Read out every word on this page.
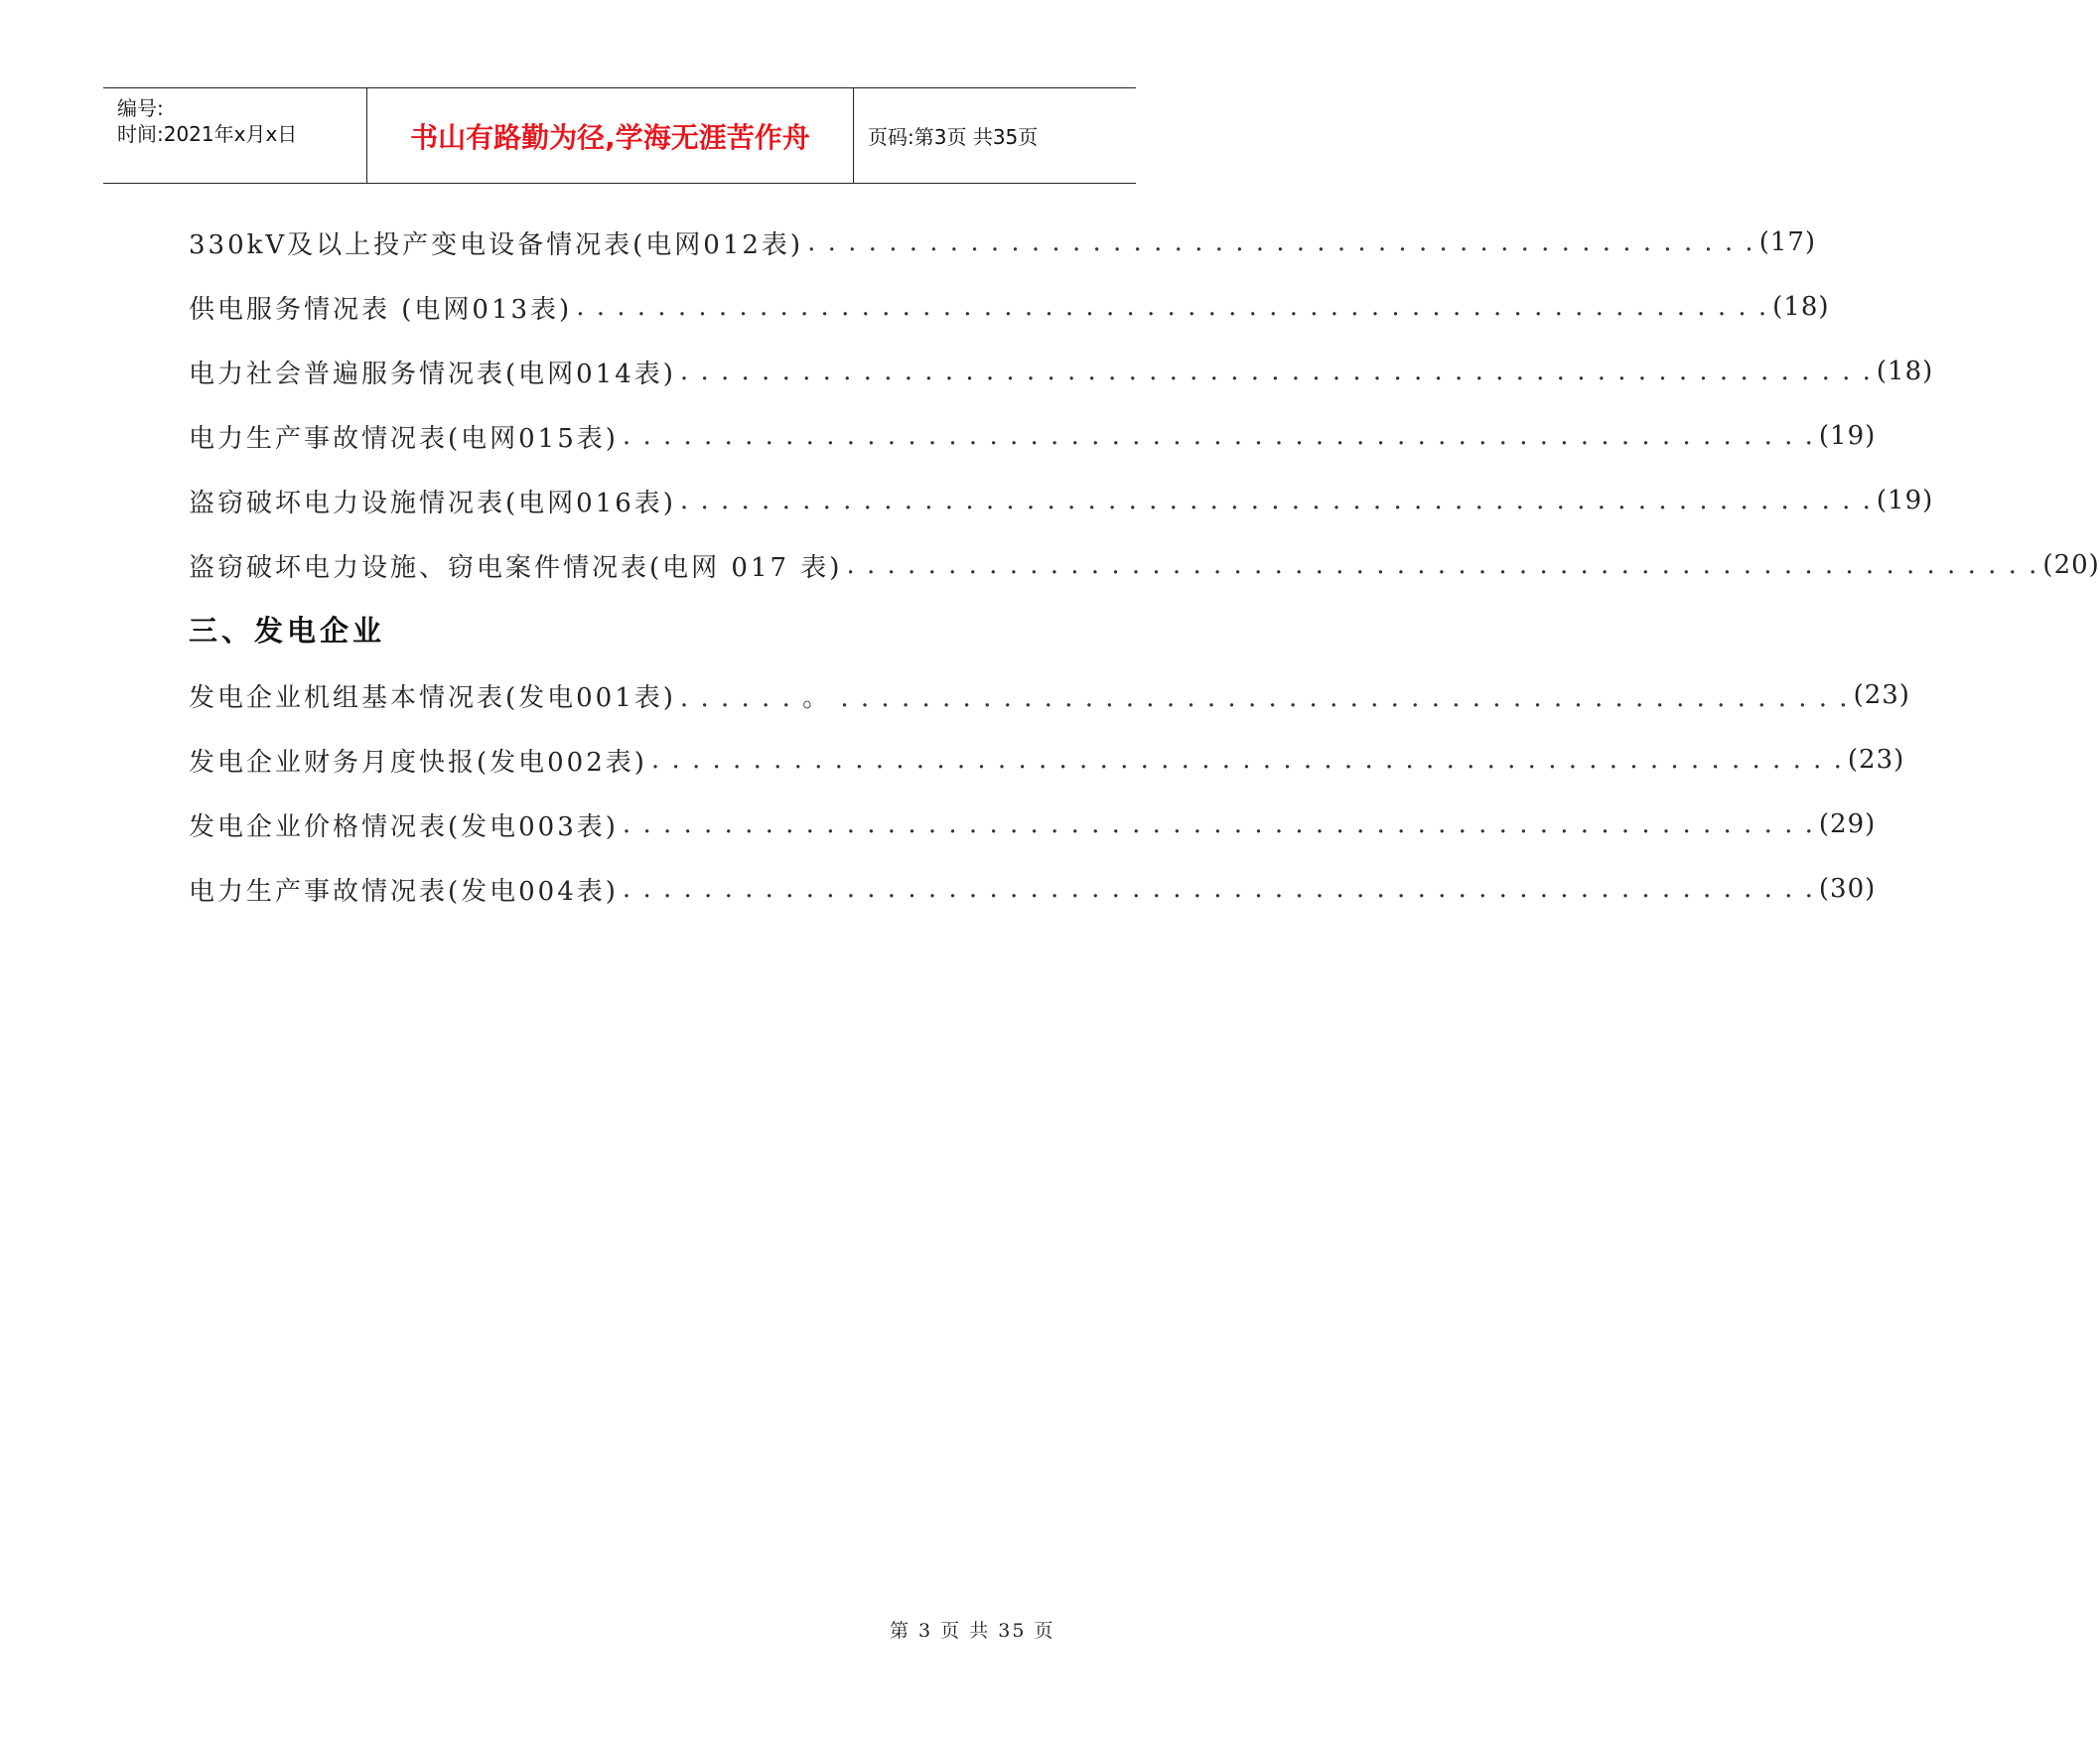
编号:
时间:2021年x月x日	书山有路勤为径,学海无涯苦作舟	页码:第3页 共35页
330kV及以上投产变电设备情况表(电网012表) . . . . . . . . . . . . . . . . . . . . . . . . . . . . . . . . . . . . . . . . . . . . . . . (17)
供电服务情况表 (电网013表) . . . . . . . . . . . . . . . . . . . . . . . . . . . . . . . . . . . . . . . . . . . . . . . . . . . . . . . . . . . (18)
电力社会普遍服务情况表(电网014表) . . . . . . . . . . . . . . . . . . . . . . . . . . . . . . . . . . . . . . . . . . . . . . . . . . . . . . . . . . . (18)
电力生产事故情况表(电网015表) . . . . . . . . . . . . . . . . . . . . . . . . . . . . . . . . . . . . . . . . . . . . . . . . . . . . . . . . . . . (19)
盗窃破坏电力设施情况表(电网016表) . . . . . . . . . . . . . . . . . . . . . . . . . . . . . . . . . . . . . . . . . . . . . . . . . . . . . . . . . . . (19)
盗窃破坏电力设施、窃电案件情况表(电网 017 表) . . . . . . . . . . . . . . . . . . . . . . . . . . . . . . . . . . . . . . . . . . . . . . . . . . . . . . . . . . . (20)
三、发电企业
发电企业机组基本情况表(发电001表) . . . . . . 。 . . . . . . . . . . . . . . . . . . . . . . . . . . . . . . . . . . . . . . . . . . . . . . . . . . (23)
发电企业财务月度快报(发电002表) . . . . . . . . . . . . . . . . . . . . . . . . . . . . . . . . . . . . . . . . . . . . . . . . . . . . . . . . . . . (23)
发电企业价格情况表(发电003表) . . . . . . . . . . . . . . . . . . . . . . . . . . . . . . . . . . . . . . . . . . . . . . . . . . . . . . . . . . . (29)
电力生产事故情况表(发电004表) . . . . . . . . . . . . . . . . . . . . . . . . . . . . . . . . . . . . . . . . . . . . . . . . . . . . . . . . . . . (30)
第 3 页 共 35 页
